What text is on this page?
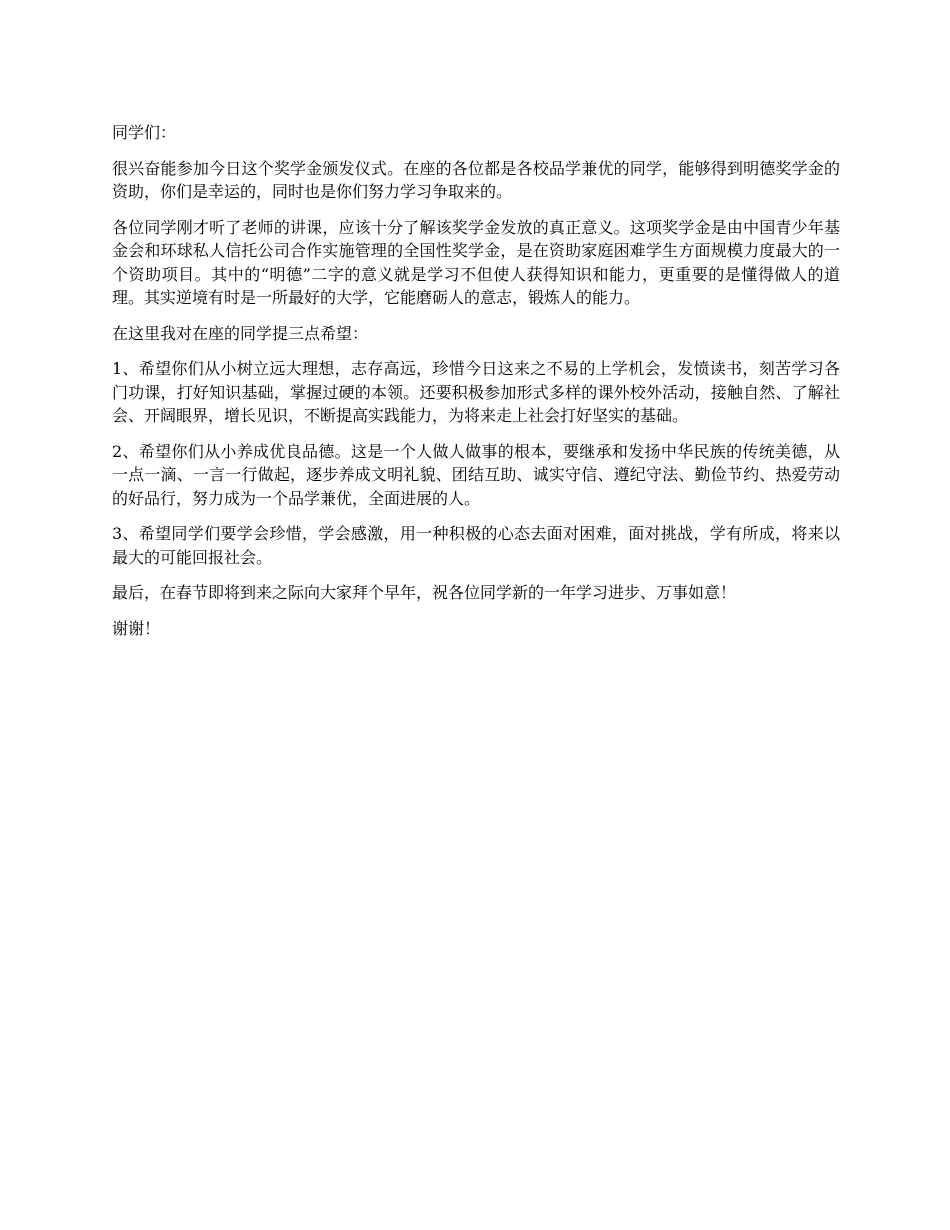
同学们：

很兴奋能参加今日这个奖学金颁发仪式。在座的各位都是各校品学兼优的同学，能够得到明德奖学金的资助，你们是幸运的，同时也是你们努力学习争取来的。

各位同学刚才听了老师的讲课，应该十分了解该奖学金发放的真正意义。这项奖学金是由中国青少年基金会和环球私人信托公司合作实施管理的全国性奖学金，是在资助家庭困难学生方面规模力度最大的一个资助项目。其中的“明德”二字的意义就是学习不但使人获得知识和能力，更重要的是懂得做人的道理。其实逆境有时是一所最好的大学，它能磨砺人的意志，锻炼人的能力。

在这里我对在座的同学提三点希望：

1、希望你们从小树立远大理想，志存高远，珍惜今日这来之不易的上学机会，发愤读书，刻苦学习各门功课，打好知识基础，掌握过硬的本领。还要积极参加形式多样的课外校外活动，接触自然、了解社会、开阔眼界，增长见识，不断提高实践能力，为将来走上社会打好坚实的基础。

2、希望你们从小养成优良品德。这是一个人做人做事的根本，要继承和发扬中华民族的传统美德，从一点一滴、一言一行做起，逐步养成文明礼貌、团结互助、诚实守信、遵纪守法、勤俭节约、热爱劳动的好品行，努力成为一个品学兼优，全面进展的人。

3、希望同学们要学会珍惜，学会感激，用一种积极的心态去面对困难，面对挑战，学有所成，将来以最大的可能回报社会。

最后，在春节即将到来之际向大家拜个早年，祝各位同学新的一年学习进步、万事如意！

谢谢！
